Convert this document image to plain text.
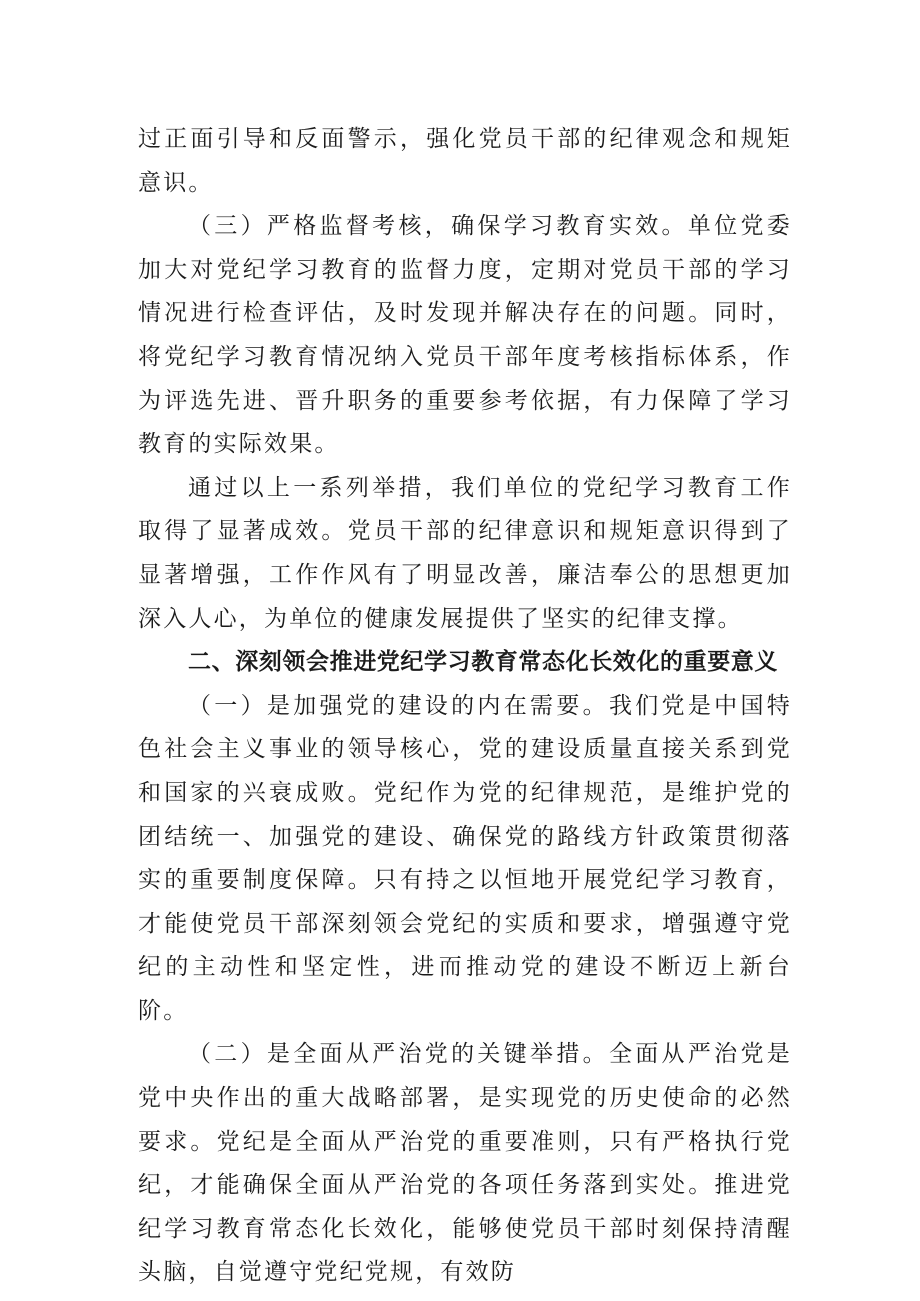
过正面引导和反面警示，强化党员干部的纪律观念和规矩意识。

（三）严格监督考核，确保学习教育实效。单位党委加大对党纪学习教育的监督力度，定期对党员干部的学习情况进行检查评估，及时发现并解决存在的问题。同时，将党纪学习教育情况纳入党员干部年度考核指标体系，作为评选先进、晋升职务的重要参考依据，有力保障了学习教育的实际效果。

通过以上一系列举措，我们单位的党纪学习教育工作取得了显著成效。党员干部的纪律意识和规矩意识得到了显著增强，工作作风有了明显改善，廉洁奉公的思想更加深入人心，为单位的健康发展提供了坚实的纪律支撑。

二、深刻领会推进党纪学习教育常态化长效化的重要意义

（一）是加强党的建设的内在需要。我们党是中国特色社会主义事业的领导核心，党的建设质量直接关系到党和国家的兴衰成败。党纪作为党的纪律规范，是维护党的团结统一、加强党的建设、确保党的路线方针政策贯彻落实的重要制度保障。只有持之以恒地开展党纪学习教育，才能使党员干部深刻领会党纪的实质和要求，增强遵守党纪的主动性和坚定性，进而推动党的建设不断迈上新台阶。

（二）是全面从严治党的关键举措。全面从严治党是党中央作出的重大战略部署，是实现党的历史使命的必然要求。党纪是全面从严治党的重要准则，只有严格执行党纪，才能确保全面从严治党的各项任务落到实处。推进党纪学习教育常态化长效化，能够使党员干部时刻保持清醒头脑，自觉遵守党纪党规，有效防
